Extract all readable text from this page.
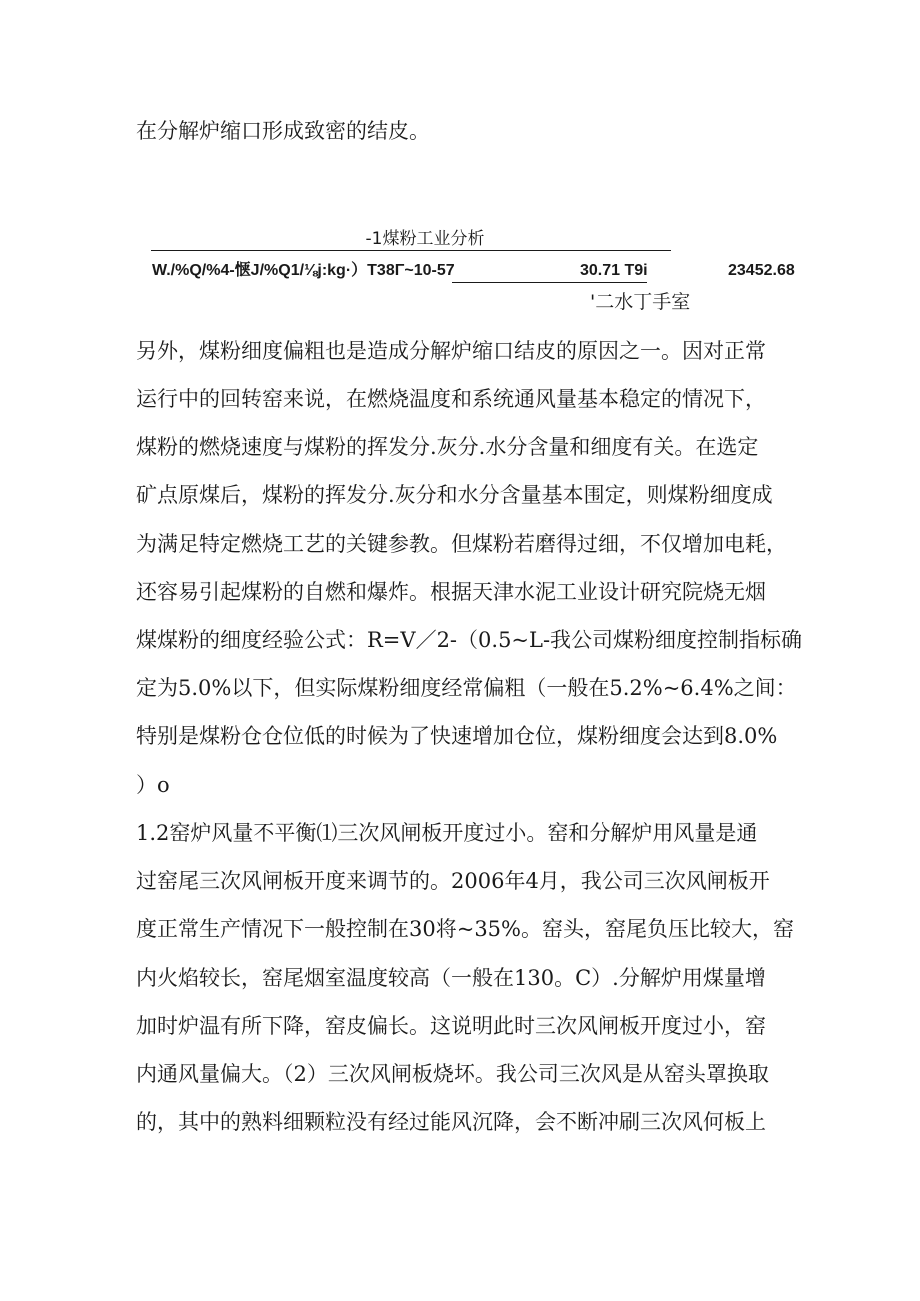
在分解炉缩口形成致密的结皮。
-1煤粉工业分析
W./%Q/%4-惬J/%Q1/⅛j:kg·）T38Γ~10-57	30.71 T9i	23452.68
'二水丁手室
另外，煤粉细度偏粗也是造成分解炉缩口结皮的原因之一。因对正常
运行中的回转窑来说，在燃烧温度和系统通风量基本稳定的情况下，
煤粉的燃烧速度与煤粉的挥发分.灰分.水分含量和细度有关。在选定
矿点原煤后，煤粉的挥发分.灰分和水分含量基本围定，则煤粉细度成
为满足特定燃烧工艺的关键参教。但煤粉若磨得过细，不仅增加电耗，
还容易引起煤粉的自燃和爆炸。根据天津水泥工业设计研究院烧无烟
煤煤粉的细度经验公式：R=V／2-（0.5~L-我公司煤粉细度控制指标确
定为5.0%以下，但实际煤粉细度经常偏粗（一般在5.2%~6.4%之间：
特别是煤粉仓仓位低的时候为了快速增加仓位，煤粉细度会达到8.0%
）o
1.2窑炉风量不平衡⑴三次风闸板开度过小。窑和分解炉用风量是通
过窑尾三次风闸板开度来调节的。2006年4月，我公司三次风闸板开
度正常生产情况下一般控制在30将~35%。窑头，窑尾负压比较大，窑
内火焰较长，窑尾烟室温度较高（一般在130。C）.分解炉用煤量增
加时炉温有所下降，窑皮偏长。这说明此时三次风闸板开度过小，窑
内通风量偏大。（2）三次风闸板烧坏。我公司三次风是从窑头罩换取
的，其中的熟料细颗粒没有经过能风沉降，会不断冲刷三次风何板上
